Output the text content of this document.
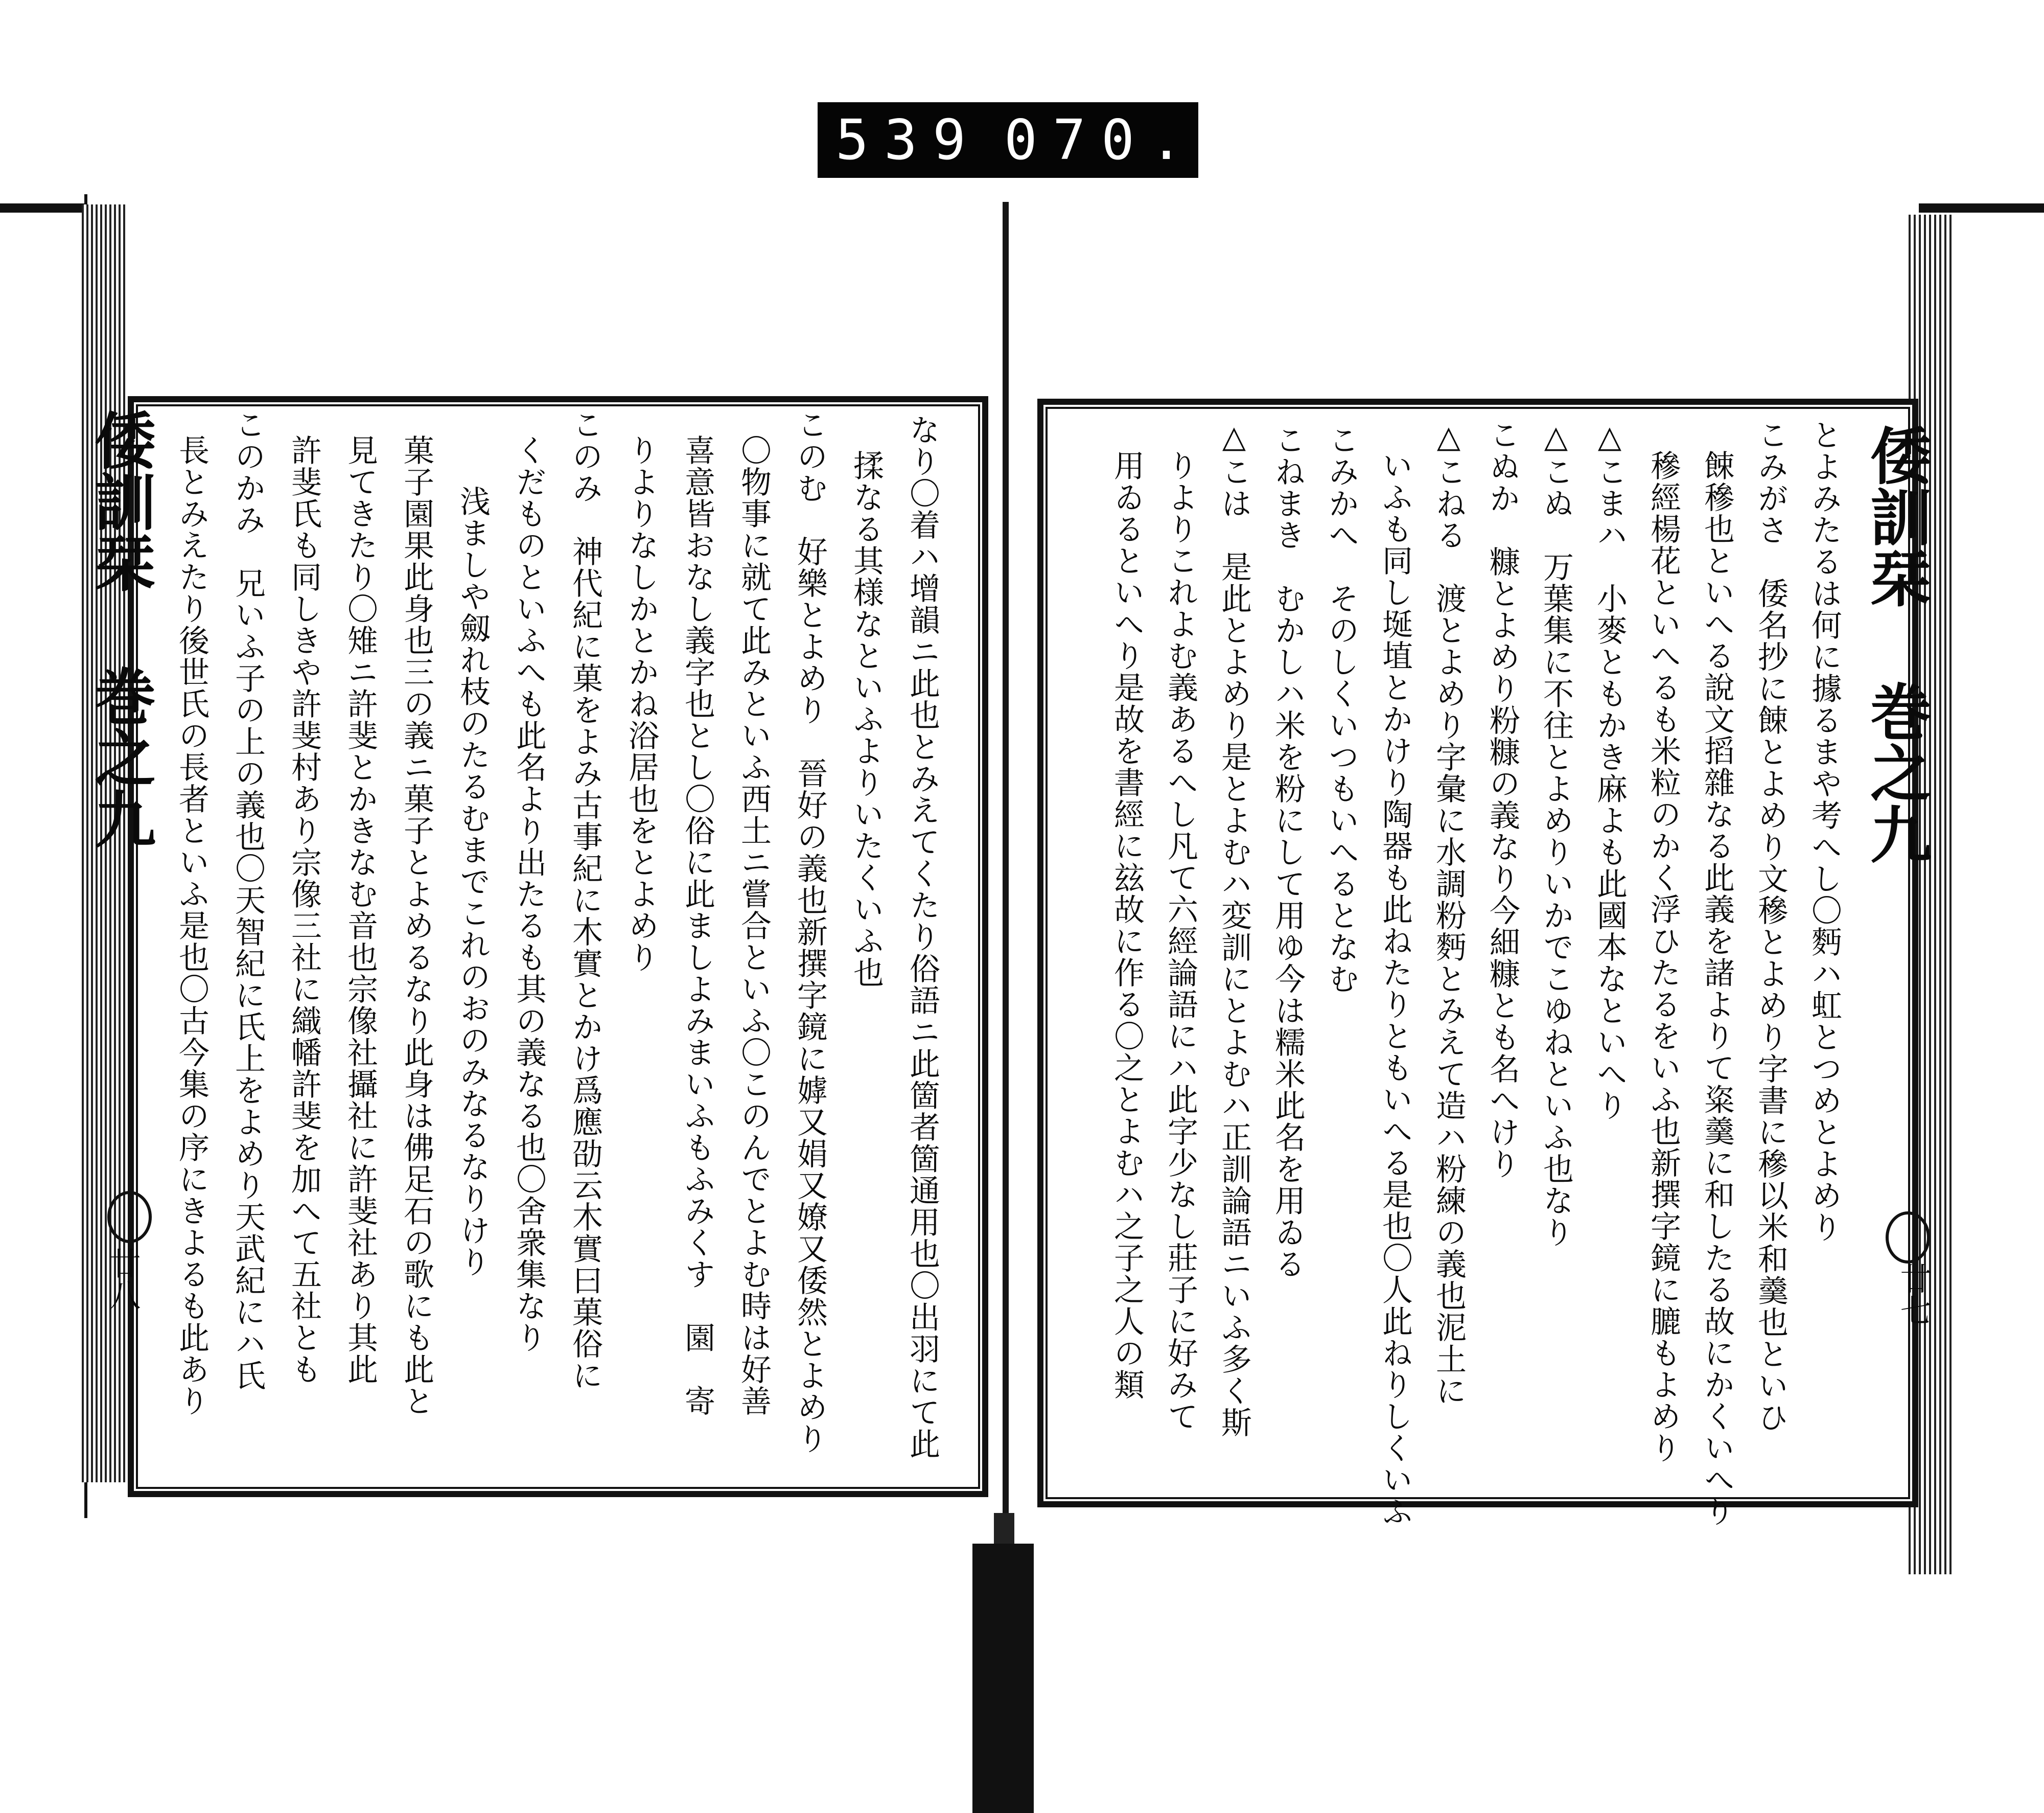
539 070.
倭訓栞 巻之九
廿八	なり〇着ハ增韻ニ此也とみえてくたり俗語ニ此箇者箇通用也〇出羽にて此
揉なる其様なといふよりいたくいふ也
このむ　好樂とよめり　晉好の義也新撰字鏡に嫭又娟又嫽又倭然とよめり
〇物事に就て此みといふ西土ニ嘗合といふ〇このんでとよむ時は好善
喜意皆おなし義字也とし〇俗に此ましよみまいふもふみくす　園　寄
りよりなしかとかね浴居也をとよめり
このみ　神代紀に菓をよみ古事紀に木實とかけ爲應劭云木實曰菓俗に
くだものといふへも此名より出たるも其の義なる也〇舍衆集なり
浅ましや劔れ枝のたるむまでこれのおのみなるなりけり
菓子園果此身也三の義ニ菓子とよめるなり此身は佛足石の歌にも此と
見てきたり〇雉ニ許斐とかきなむ音也宗像社攝社に許斐社あり其此
許斐氏も同しきや許斐村あり宗像三社に織幡許斐を加へて五社とも
このかみ　兄いふ子の上の義也〇天智紀に氏上をよめり天武紀にハ氏
長とみえたり後世氏の長者といふ是也〇古今集の序にきよるも此あり	倭訓栞 巻之九
廿七
とよみたるは何に據るまや考へし〇麪ハ虹とつめとよめり
こみがさ　倭名抄に餗とよめり文穇とよめり字書に穇以米和羹也といひ
餗穇也といへる說文搯雜なる此義を諸よりて粢羹に和したる故にかくいへり
穇經楊花といへるも米粒のかく浮ひたるをいふ也新撰字鏡に膔もよめり
△こまハ　小麥ともかき麻よも此國本なといへり
△こぬ　万葉集に不往とよめりいかでこゆねといふ也なり
こぬか　糠とよめり粉糠の義なり今細糠とも名へけり
△こねる　渡とよめり字彙に水調粉麪とみえて造ハ粉練の義也泥土に
いふも同し埏埴とかけり陶器も此ねたりともいへる是也〇人此ねりしくいふ
こみかへ　そのしくいつもいへるとなむ
こねまき　むかしハ米を粉にして用ゆ今は糯米此名を用ゐる
△こは　是此とよめり是とよむハ変訓にとよむハ正訓論語ニいふ多く斯
りよりこれよむ義あるへし凡て六經論語にハ此字少なし莊子に好みて
用ゐるといへり是故を書經に玆故に作る〇之とよむハ之子之人の類
